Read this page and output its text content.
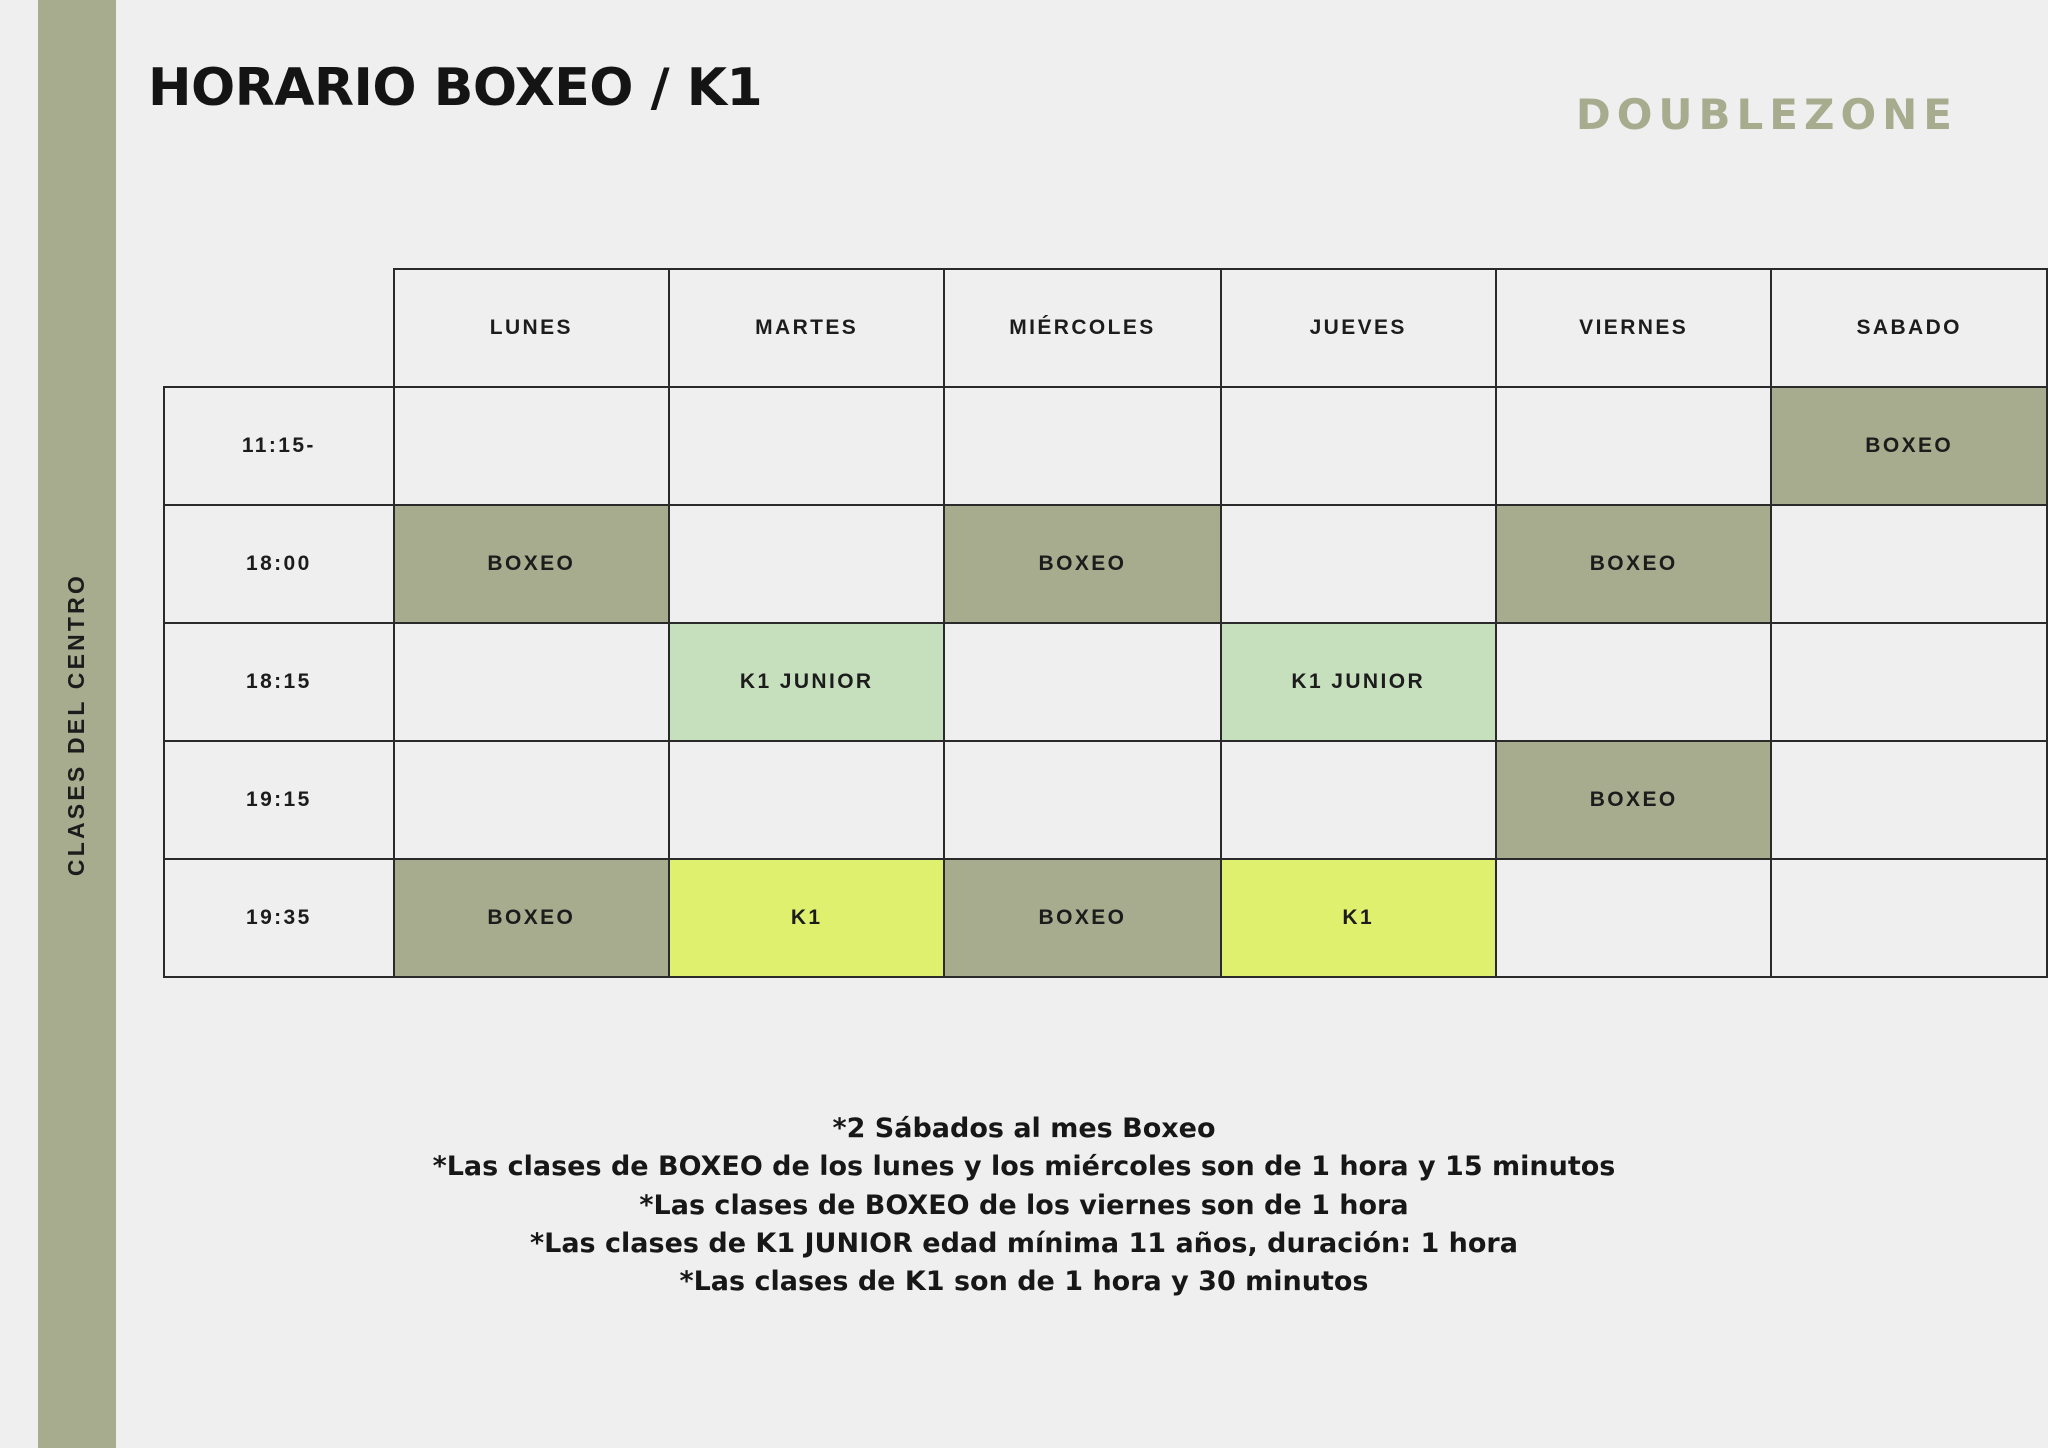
CLASES DEL CENTRO
HORARIO BOXEO / K1	DOUBLEZONE
	LUNES	MARTES	MIÉRCOLES	JUEVES	VIERNES	SABADO
11:15-						BOXEO
18:00	BOXEO		BOXEO		BOXEO	
18:15		K1 JUNIOR		K1 JUNIOR		
19:15					BOXEO	
19:35	BOXEO	K1	BOXEO	K1		
*2 Sábados al mes Boxeo
*Las clases de BOXEO de los lunes y los miércoles son de 1 hora y 15 minutos
*Las clases de BOXEO de los viernes son de 1 hora
*Las clases de K1 JUNIOR edad mínima 11 años, duración: 1 hora
*Las clases de K1 son de 1 hora y 30 minutos
